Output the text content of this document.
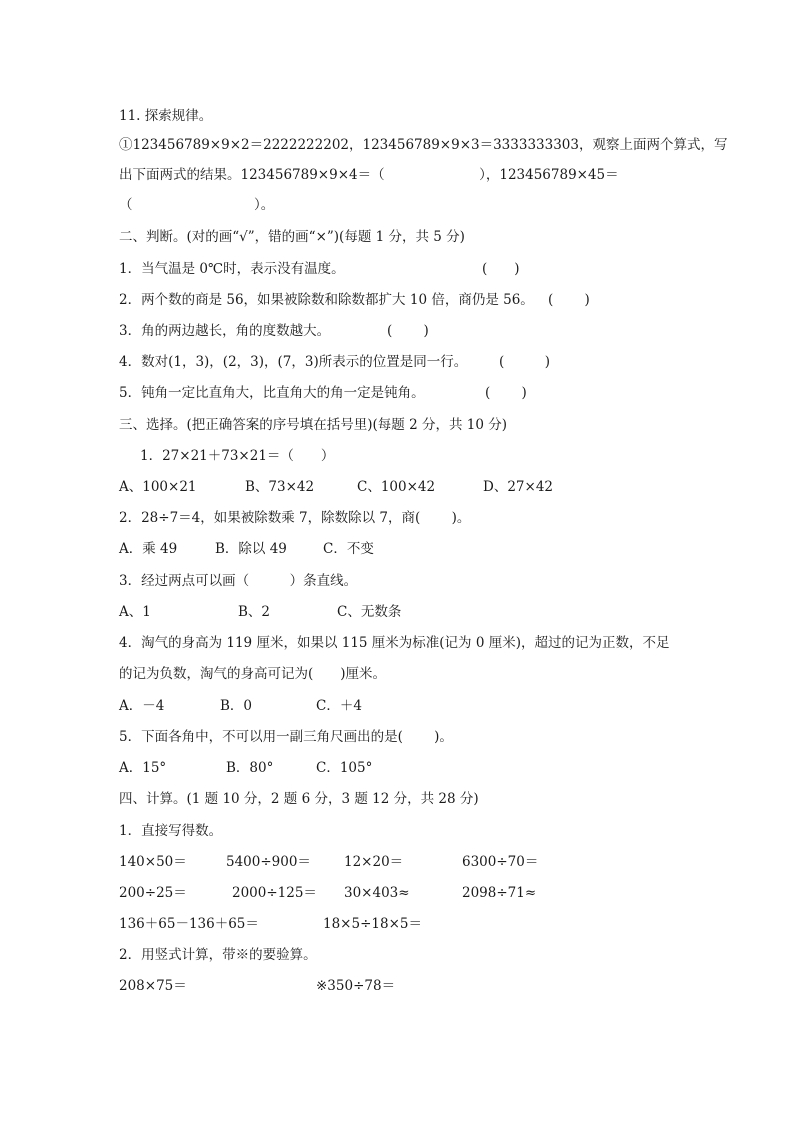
11. 探索规律。
①123456789×9×2＝2222222202，123456789×9×3＝3333333303，观察上面两个算式，写
出下面两式的结果。123456789×9×4＝（　　　　　　　），123456789×45＝
（　　　　　　　　　）。
二、判断。(对的画“√”，错的画“×”)(每题 1 分，共 5 分)
1．当气温是 0℃时，表示没有温度。	(　　)
2．两个数的商是 56，如果被除数和除数都扩大 10 倍，商仍是 56。 (　　 )
3．角的两边越长，角的度数越大。	(　　 )
4．数对(1，3)，(2，3)，(7，3)所表示的位置是同一行。 (　　　)
5．钝角一定比直角大，比直角大的角一定是钝角。	(　　 )
三、选择。(把正确答案的序号填在括号里)(每题 2 分，共 10 分)
1．27×21＋73×21＝（　　）
A、100×21	B、73×42	C、100×42	D、27×42
2．28÷7＝4，如果被除数乘 7，除数除以 7，商(　　 )。
A．乘 49	B．除以 49	C．不变
3．经过两点可以画（　　　）条直线。
A、1	B、2	C、无数条
4．淘气的身高为 119 厘米，如果以 115 厘米为标准(记为 0 厘米)，超过的记为正数，不足
的记为负数，淘气的身高可记为(　　)厘米。
A．－4	B．0	C．＋4
5．下面各角中，不可以用一副三角尺画出的是(　　 )。
A．15°	B．80°	C．105°
四、计算。(1 题 10 分，2 题 6 分，3 题 12 分，共 28 分)
1．直接写得数。
140×50＝	5400÷900＝ 12×20＝	6300÷70＝
200÷25＝	2000÷125＝ 30×403≈	2098÷71≈
136＋65－136＋65＝	18×5÷18×5＝
2．用竖式计算，带※的要验算。
208×75＝	※350÷78＝
